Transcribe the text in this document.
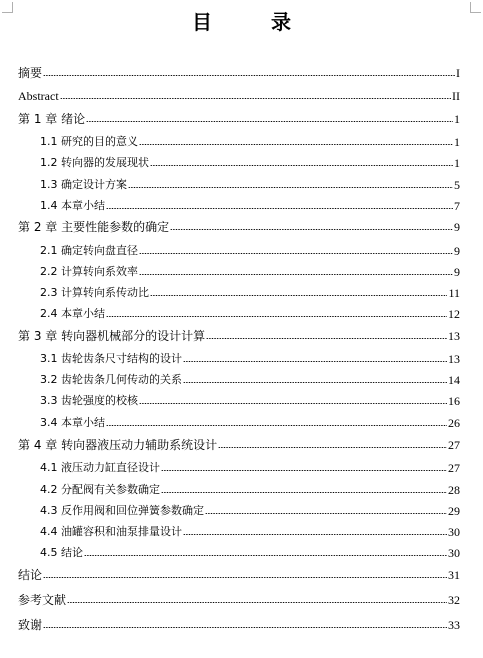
目 录
摘要	I
Abstract	II
第 1 章 绪论	1
1.1 研究的目的意义	1
1.2 转向器的发展现状	1
1.3 确定设计方案	5
1.4 本章小结	7
第 2 章 主要性能参数的确定	9
2.1 确定转向盘直径	9
2.2 计算转向系效率	9
2.3 计算转向系传动比	11
2.4 本章小结	12
第 3 章 转向器机械部分的设计计算	13
3.1 齿轮齿条尺寸结构的设计	13
3.2 齿轮齿条几何传动的关系	14
3.3 齿轮强度的校核	16
3.4 本章小结	26
第 4 章 转向器液压动力辅助系统设计	27
4.1 液压动力缸直径设计	27
4.2 分配阀有关参数确定	28
4.3 反作用阀和回位弹簧参数确定	29
4.4 油罐容积和油泵排量设计	30
4.5 结论	30
结论	31
参考文献	32
致谢	33
